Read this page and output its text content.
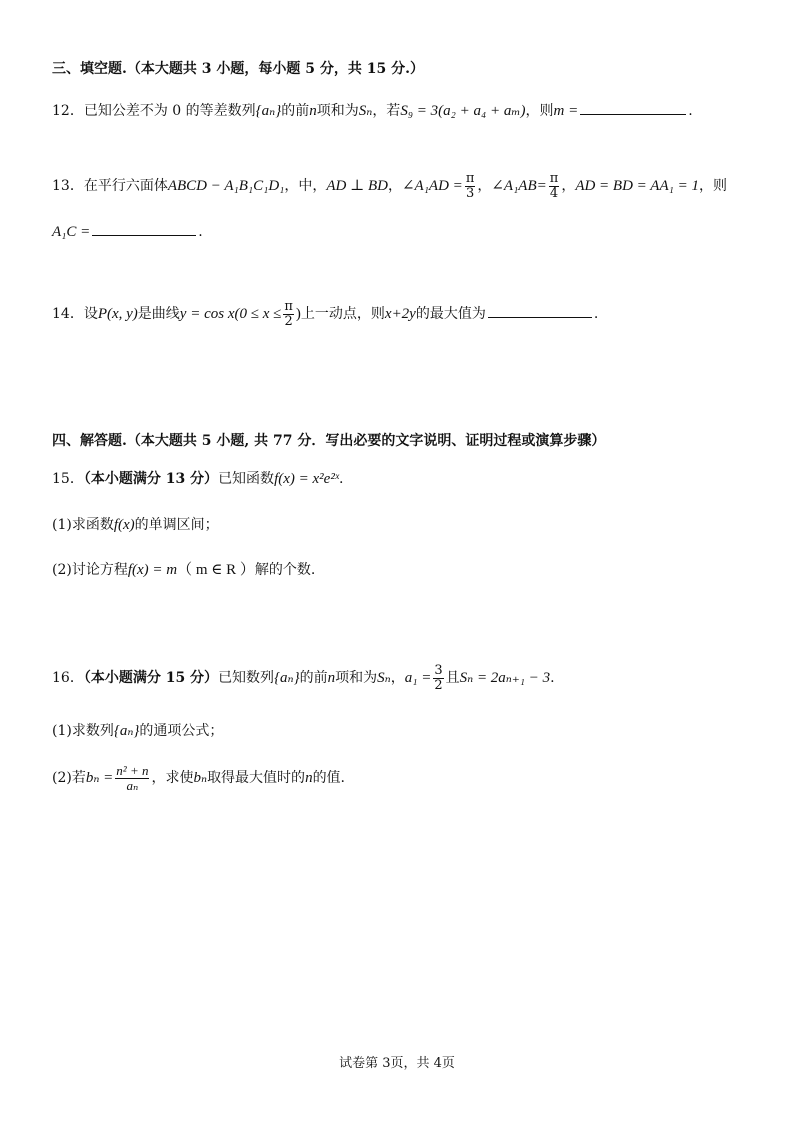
三、填空题.（本大题共 3 小题，每小题 5 分，共 15 分.）
12．已知公差不为 0 的等差数列{aₙ}的前n项和为Sₙ，若S₉ = 3(a₂ + a₄ + aₘ)，则m =	.
13．在平行六面体ABCD − A₁B₁C₁D₁，中，AD ⊥ BD，∠A₁AD = $\frac{\pi}{3}$ ，∠A₁AB= $\frac{\pi}{4}$ ，AD = BD = AA₁ = 1，则
A₁C =	.
14．设P(x, y)是曲线$y = \cos x(0 \le x \le \frac{\pi}{2}$ )上一动点，则x+2y的最大值为	.
四、解答题.（本大题共 5 小题, 共 77 分．写出必要的文字说明、证明过程或演算步骤）
15．（本小题满分 13 分）已知函数f(x) = x²e²ˣ.
(1)求函数f(x)的单调区间；
(2)讨论方程f(x) = m（ m ∈ R ）解的个数.
16．（本小题满分 15 分）已知数列{aₙ}的前n项和为Sₙ，$a_1 = \frac{3}{2}$ 且Sₙ = 2aₙ₊₁ − 3.
(1)求数列{aₙ}的通项公式；
(2)若$b_n = \frac{\text{n² + n}}{\text{aₙ}}$ ，求使bₙ取得最大值时的n的值.
试卷第 3页，共 4页
